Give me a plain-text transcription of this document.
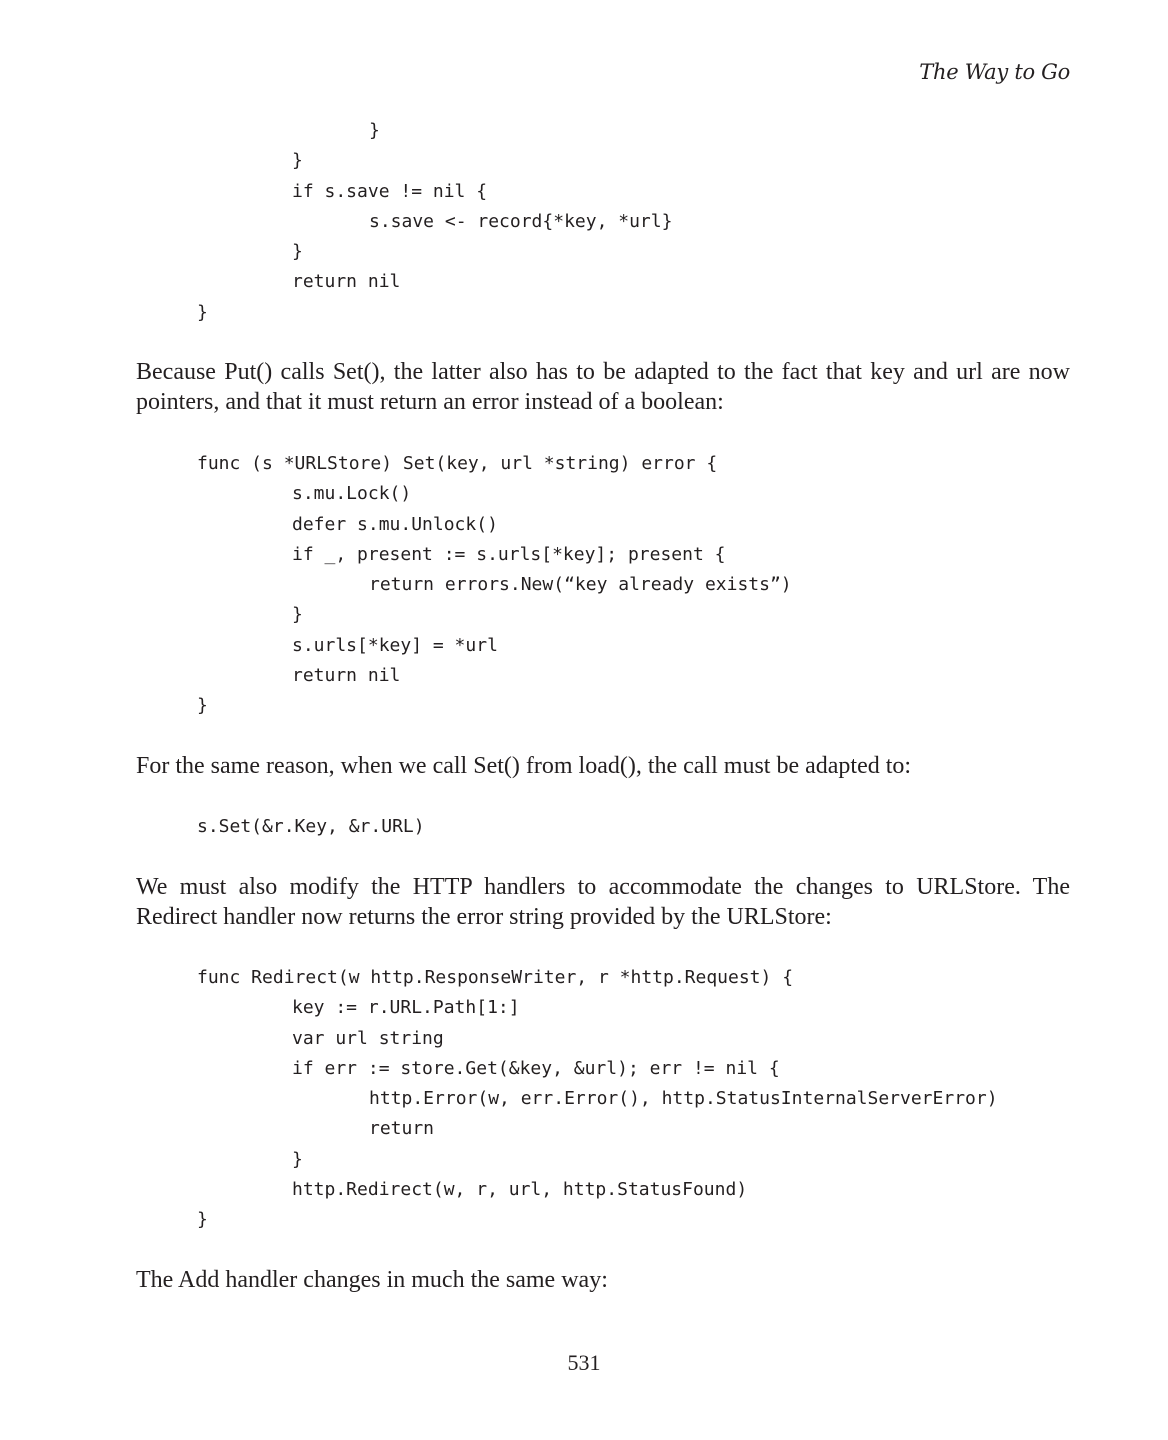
The Way to Go
}
}
if s.save != nil {
s.save <- record{*key, *url}
}
return nil
}

Because Put() calls Set(), the latter also has to be adapted to the fact that key and url are now pointers, and that it must return an error instead of a boolean:

func (s *URLStore) Set(key, url *string) error {
s.mu.Lock()
defer s.mu.Unlock()
if _, present := s.urls[*key]; present {
return errors.New(“key already exists”)
}
s.urls[*key] = *url
return nil
}

For the same reason, when we call Set() from load(), the call must be adapted to:

s.Set(&r.Key, &r.URL)

We must also modify the HTTP handlers to accommodate the changes to URLStore. The Redirect handler now returns the error string provided by the URLStore:

func Redirect(w http.ResponseWriter, r *http.Request) {
key := r.URL.Path[1:]
var url string
if err := store.Get(&key, &url); err != nil {
http.Error(w, err.Error(), http.StatusInternalServerError)
return
}
http.Redirect(w, r, url, http.StatusFound)
}

The Add handler changes in much the same way:

531
